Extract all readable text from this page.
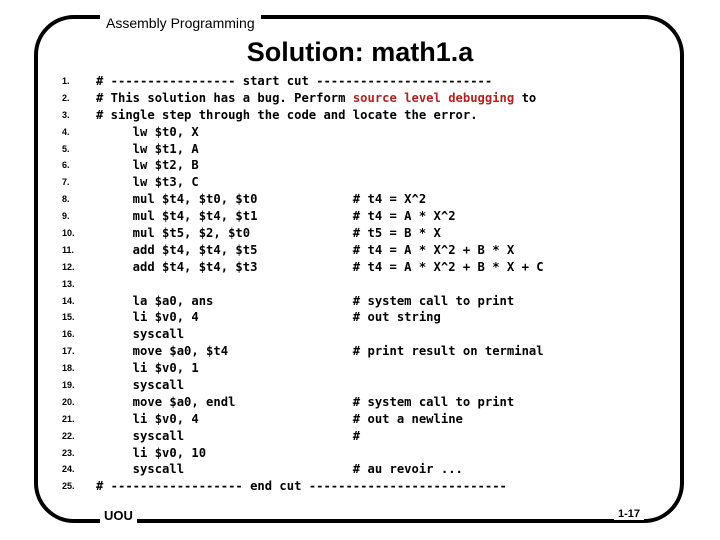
Assembly Programming
Solution: math1.a
1.	# ----------------- start cut ------------------------
2.	# This solution has a bug. Perform source level debugging to
3.	# single step through the code and locate the error.
4.	lw $t0, X
5.	lw $t1, A
6.	lw $t2, B
7.	lw $t3, C
8.	mul $t4, $t0, $t0             # t4 = X^2
9.	mul $t4, $t4, $t1             # t4 = A * X^2
10.	mul $t5, $2, $t0              # t5 = B * X
11.	add $t4, $t4, $t5             # t4 = A * X^2 + B * X
12.	add $t4, $t4, $t3             # t4 = A * X^2 + B * X + C
13.
14.	la $a0, ans                   # system call to print
15.	li $v0, 4                     # out string
16.	syscall
17.	move $a0, $t4                 # print result on terminal
18.	li $v0, 1
19.	syscall
20.	move $a0, endl                # system call to print
21.	li $v0, 4                     # out a newline
22.	syscall                       #
23.	li $v0, 10
24.	syscall                       # au revoir ...
25.	# ------------------ end cut ---------------------------
UOU	1-17
